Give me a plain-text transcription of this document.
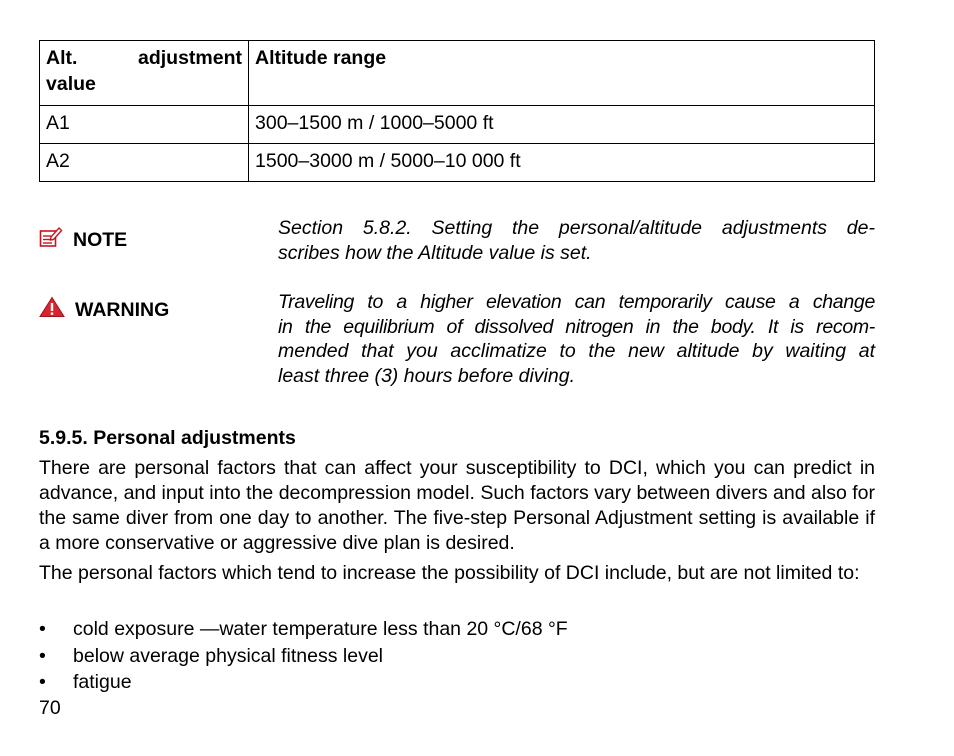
Alt. adjustment
value	Altitude range
A1	300–1500 m / 1000–5000 ft
A2	1500–3000 m / 5000–10 000 ft
NOTE
Section 5.8.2. Setting the personal/altitude adjustments de-
scribes how the Altitude value is set.
WARNING	Traveling to a higher elevation can temporarily cause a change
in the equilibrium of dissolved nitrogen in the body. It is recom-
mended that you acclimatize to the new altitude by waiting at
least three (3) hours before diving.
5.9.5. Personal adjustments

There are personal factors that can affect your susceptibility to DCI, which you can predict in advance, and input into the decompression model. Such factors vary between divers and also for the same diver from one day to another. The five-step Personal Adjustment setting is available if a more conservative or aggressive dive plan is desired.

The personal factors which tend to increase the possibility of DCI include, but are not limited to:

• cold exposure —water temperature less than 20 °C/68 °F
• below average physical fitness level
• fatigue
70
